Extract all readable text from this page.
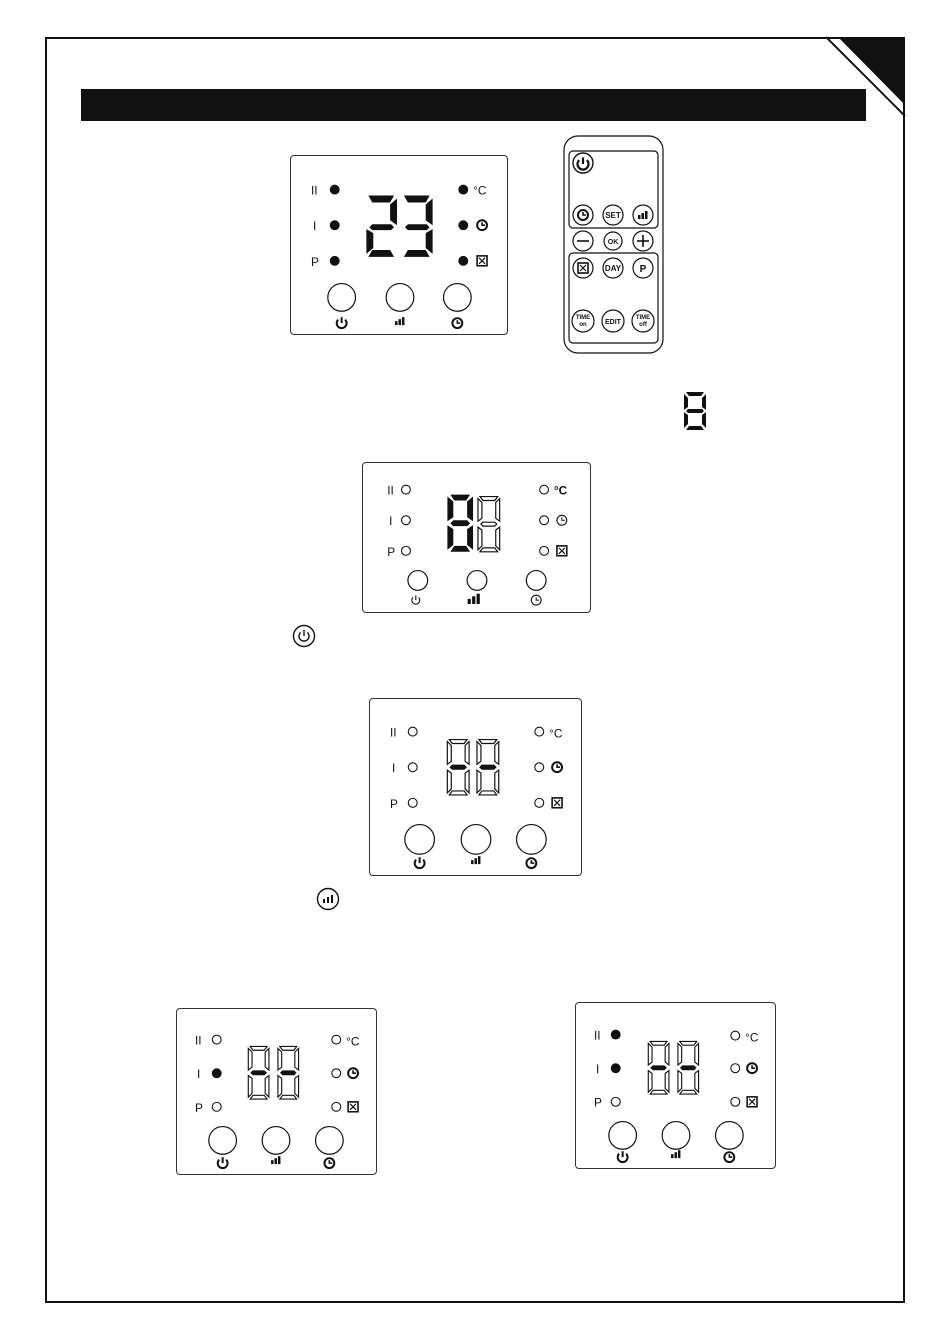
II
I
P
°C
SET
OK
DAY P
TIME
on	EDIT
TIME
off
II
I
P
°C
II
I
P
°C
II
I
P
°C	II
I
P
°C
